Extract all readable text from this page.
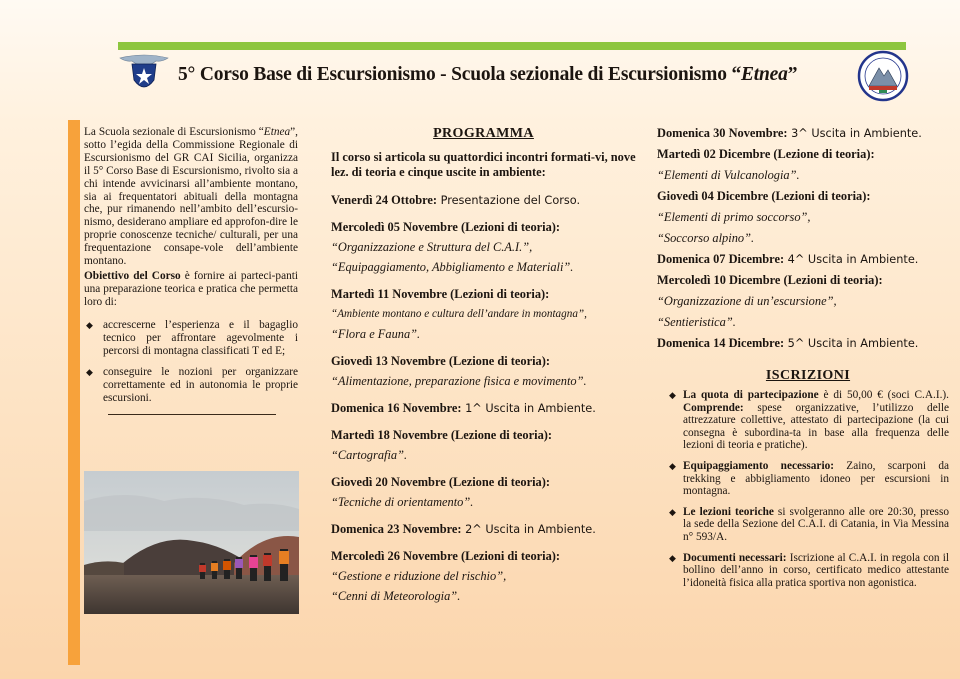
5° Corso Base di Escursionismo - Scuola sezionale di Escursionismo “Etnea”

La Scuola sezionale di Escursionismo “Etnea”, sotto l’egida della Commissione Regionale di Escursionismo del GR CAI Sicilia, organizza il 5° Corso Base di Escursionismo, rivolto sia a chi intende avvicinarsi all’ambiente montano, sia ai frequentatori abituali della montagna che, pur rimanendo nell’ambito dell’escursio-nismo, desiderano ampliare ed approfon-dire le proprie conoscenze tecniche/ culturali, per una frequentazione consape-vole dell’ambiente montano.

Obiettivo del Corso è fornire ai parteci-panti una preparazione teorica e pratica che permetta loro di:

◆ accrescerne l’esperienza e il bagaglio tecnico per affrontare agevolmente i percorsi di montagna classificati T ed E;
◆ conseguire le nozioni per organizzare correttamente ed in autonomia le proprie escursioni.
PROGRAMMA

Il corso si articola su quattordici incontri formati-vi, nove lez. di teoria e cinque uscite in ambiente:

Venerdì 24 Ottobre: Presentazione del Corso.
Mercoledì 05 Novembre (Lezioni di teoria):
“Organizzazione e Struttura del C.A.I.”,
“Equipaggiamento, Abbigliamento e Materiali”.
Martedì 11 Novembre (Lezioni di teoria):
“Ambiente montano e cultura dell’andare in montagna”,
“Flora e Fauna”.
Giovedì 13 Novembre (Lezione di teoria):
“Alimentazione, preparazione fisica e movimento”.
Domenica 16 Novembre: 1^ Uscita in Ambiente.
Martedì 18 Novembre (Lezione di teoria):
“Cartografia”.
Giovedì 20 Novembre (Lezione di teoria):
“Tecniche di orientamento”.
Domenica 23 Novembre: 2^ Uscita in Ambiente.
Mercoledì 26 Novembre (Lezioni di teoria):
“Gestione e riduzione del rischio”,
“Cenni di Meteorologia”.
Domenica 30 Novembre: 3^ Uscita in Ambiente.
Martedì 02 Dicembre (Lezione di teoria):
“Elementi di Vulcanologia”.
Giovedì 04 Dicembre (Lezioni di teoria):
“Elementi di primo soccorso”,
“Soccorso alpino”.
Domenica 07 Dicembre: 4^ Uscita in Ambiente.
Mercoledì 10 Dicembre (Lezioni di teoria):
“Organizzazione di un’escursione”,
“Sentieristica”.
Domenica 14 Dicembre: 5^ Uscita in Ambiente.
ISCRIZIONI
◆ La quota di partecipazione è di 50,00 € (soci C.A.I.). Comprende: spese organizzative, l’utilizzo delle attrezzature collettive, attestato di partecipazione (la cui consegna è subordina-ta in base alla frequenza delle lezioni di teoria e pratiche).
◆ Equipaggiamento necessario: Zaino, scarponi da trekking e abbigliamento idoneo per escursioni in montagna.
◆ Le lezioni teoriche si svolgeranno alle ore 20:30, presso la sede della Sezione del C.A.I. di Catania, in Via Messina n° 593/A.
◆ Documenti necessari: Iscrizione al C.A.I. in regola con il bollino dell’anno in corso, certificato medico attestante l’idoneità fisica alla pratica sportiva non agonistica.
